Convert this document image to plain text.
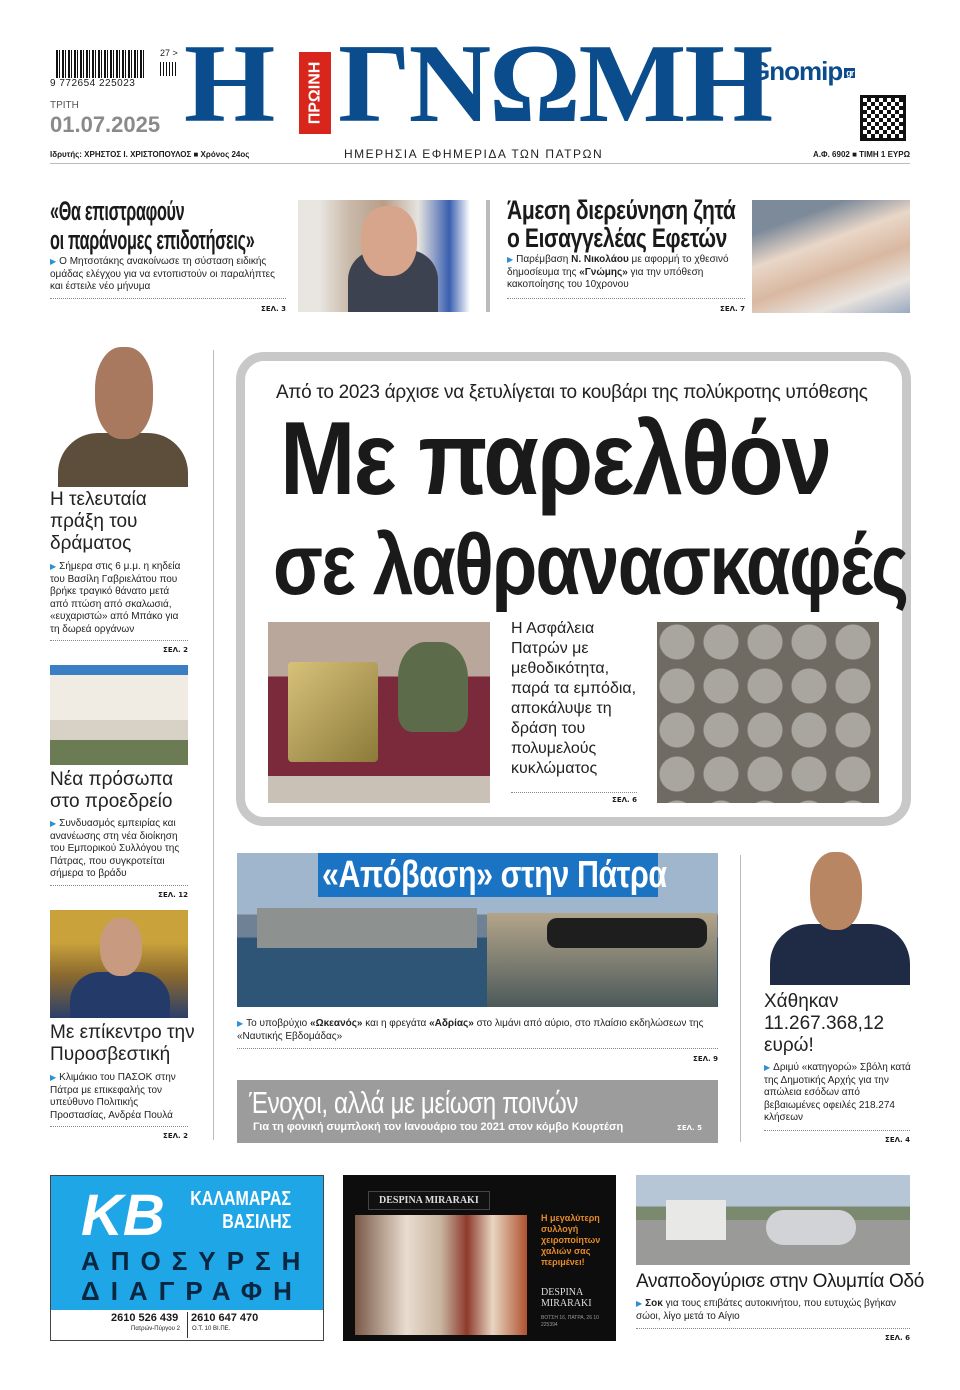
9 772654 225023
27 >
ΤΡΙΤΗ
01.07.2025 Η ΠΡΩΙΝΗ ΓΝΩΜΗ
Gnomip gr
Ιδρυτής: ΧΡΗΣΤΟΣ Ι. ΧΡΙΣΤΟΠΟΥΛΟΣ ■ Χρόνος 24ος	ΗΜΕΡΗΣΙΑ ΕΦΗΜΕΡΙΔΑ ΤΩΝ ΠΑΤΡΩΝ	Α.Φ. 6902 ■ ΤΙΜΗ 1 ΕΥΡΩ
«Θα επιστραφούν
οι παράνομες επιδοτήσεις»
▶ Ο Μητσοτάκης ανακοίνωσε τη σύσταση ειδικής ομάδας ελέγχου για να εντοπιστούν οι παραλήπτες και έστειλε νέο μήνυμα
ΣΕΛ. 3
Άμεση διερεύνηση ζητά
ο Εισαγγελέας Εφετών
▶ Παρέμβαση Ν. Νικολάου με αφορμή το χθεσινό δημοσίευμα της «Γνώμης» για την υπόθεση κακοποίησης του 10χρονου
ΣΕΛ. 7
Η τελευταία πράξη του δράματος
▶ Σήμερα στις 6 μ.μ. η κηδεία του Βασίλη Γαβριελάτου που βρήκε τραγικό θάνατο μετά από πτώση από σκαλωσιά, «ευχαριστώ» από Μπάκο για τη δωρεά οργάνων
ΣΕΛ. 2
Νέα πρόσωπα στο προεδρείο
▶ Συνδυασμός εμπειρίας και ανανέωσης στη νέα διοίκηση του Εμπορικού Συλλόγου της Πάτρας, που συγκροτείται σήμερα το βράδυ
ΣΕΛ. 12
Με επίκεντρο την Πυροσβεστική
▶ Κλιμάκιο του ΠΑΣΟΚ στην Πάτρα με επικεφαλής τον υπεύθυνο Πολιτικής Προστασίας, Ανδρέα Πουλά
ΣΕΛ. 2
Από το 2023 άρχισε να ξετυλίγεται το κουβάρι της πολύκροτης υπόθεσης
Με παρελθόν
σε λαθρανασκαφές
Η Ασφάλεια Πατρών με μεθοδικότητα, παρά τα εμπόδια, αποκάλυψε τη δράση του πολυμελούς κυκλώματος
ΣΕΛ. 6
«Απόβαση» στην Πάτρα
▶ Το υποβρύχιο «Ωκεανός» και η φρεγάτα «Αδρίας» στο λιμάνι από αύριο, στο πλαίσιο εκδηλώσεων της «Ναυτικής Εβδομάδας»
ΣΕΛ. 9
Ένοχοι, αλλά με μείωση ποινών
Για τη φονική συμπλοκή τον Ιανουάριο του 2021 στον κόμβο Κουρτέση	ΣΕΛ. 5
Χάθηκαν 11.267.368,12 ευρώ!
▶ Δριμύ «κατηγορώ» Σβόλη κατά της Δημοτικής Αρχής για την απώλεια εσόδων από βεβαιωμένες οφειλές 218.274 κλήσεων
ΣΕΛ. 4
KB ΚΑΛΑΜΑΡΑΣ
ΒΑΣΙΛΗΣ
ΑΠΟΣΥΡΣΗ
ΔΙΑΓΡΑΦΗ
2610 526 439
Πατρών-Πύργου 2
2610 647 470
Ο.Τ. 10 ΒΙ.ΠΕ.
DESPINA MIRARAKI
Η μεγαλύτερη συλλογή χειροποίητων χαλιών σας περιμένει!
DESPINA
MIRARAKI
ΒΟΤΣΗ 16, ΠΑΤΡΑ, 26 10 225394
Αναποδογύρισε στην Ολυμπία Οδό
▶ Σοκ για τους επιβάτες αυτοκινήτου, που ευτυχώς βγήκαν σώοι, λίγο μετά το Αίγιο
ΣΕΛ. 6
